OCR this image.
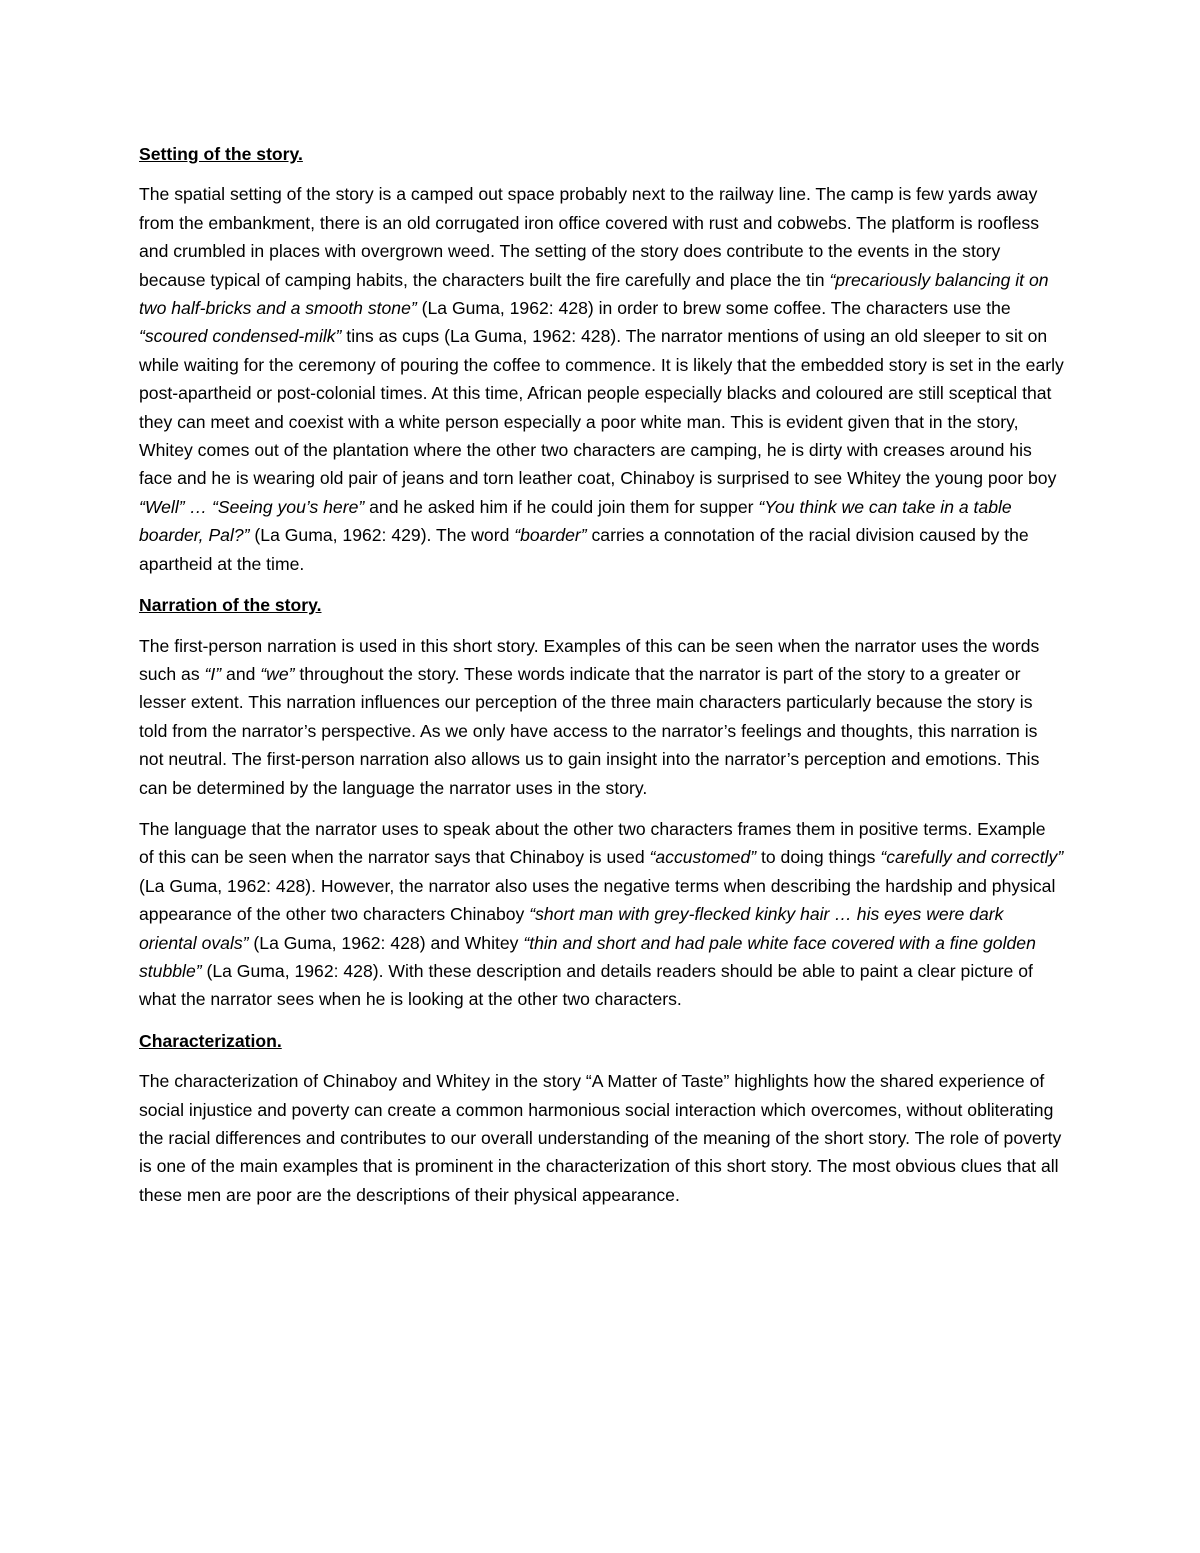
Setting of the story.

The spatial setting of the story is a camped out space probably next to the railway line. The camp is few yards away from the embankment, there is an old corrugated iron office covered with rust and cobwebs. The platform is roofless and crumbled in places with overgrown weed. The setting of the story does contribute to the events in the story because typical of camping habits, the characters built the fire carefully and place the tin “precariously balancing it on two half-bricks and a smooth stone” (La Guma, 1962: 428) in order to brew some coffee. The characters use the “scoured condensed-milk” tins as cups (La Guma, 1962: 428). The narrator mentions of using an old sleeper to sit on while waiting for the ceremony of pouring the coffee to commence. It is likely that the embedded story is set in the early post-apartheid or post-colonial times. At this time, African people especially blacks and coloured are still sceptical that they can meet and coexist with a white person especially a poor white man. This is evident given that in the story, Whitey comes out of the plantation where the other two characters are camping, he is dirty with creases around his face and he is wearing old pair of jeans and torn leather coat, Chinaboy is surprised to see Whitey the young poor boy “Well” … “Seeing you’s here” and he asked him if he could join them for supper “You think we can take in a table boarder, Pal?” (La Guma, 1962: 429). The word “boarder” carries a connotation of the racial division caused by the apartheid at the time.

Narration of the story.

The first-person narration is used in this short story. Examples of this can be seen when the narrator uses the words such as “I” and “we” throughout the story. These words indicate that the narrator is part of the story to a greater or lesser extent. This narration influences our perception of the three main characters particularly because the story is told from the narrator’s perspective. As we only have access to the narrator’s feelings and thoughts, this narration is not neutral. The first-person narration also allows us to gain insight into the narrator’s perception and emotions. This can be determined by the language the narrator uses in the story.

The language that the narrator uses to speak about the other two characters frames them in positive terms. Example of this can be seen when the narrator says that Chinaboy is used “accustomed” to doing things “carefully and correctly” (La Guma, 1962: 428). However, the narrator also uses the negative terms when describing the hardship and physical appearance of the other two characters Chinaboy “short man with grey-flecked kinky hair … his eyes were dark oriental ovals” (La Guma, 1962: 428) and Whitey “thin and short and had pale white face covered with a fine golden stubble” (La Guma, 1962: 428). With these description and details readers should be able to paint a clear picture of what the narrator sees when he is looking at the other two characters.

Characterization.

The characterization of Chinaboy and Whitey in the story “A Matter of Taste” highlights how the shared experience of social injustice and poverty can create a common harmonious social interaction which overcomes, without obliterating the racial differences and contributes to our overall understanding of the meaning of the short story. The role of poverty is one of the main examples that is prominent in the characterization of this short story. The most obvious clues that all these men are poor are the descriptions of their physical appearance.
